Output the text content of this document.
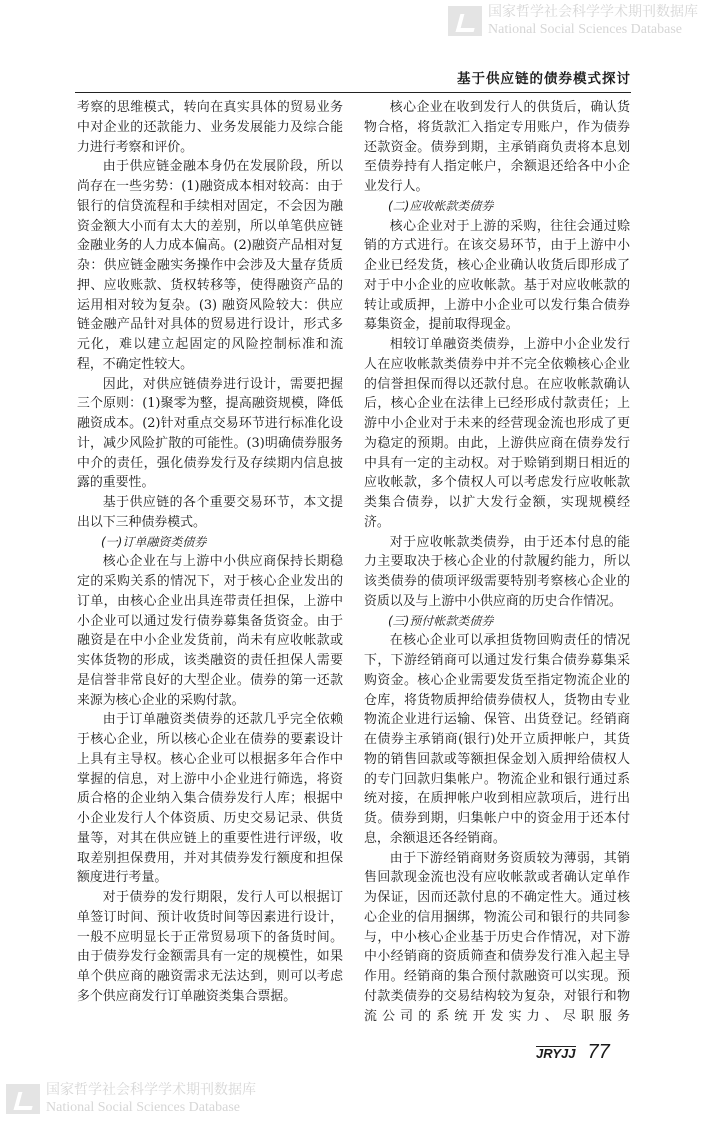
国家哲学社会科学学术期刊数据库
National Social Sciences Database
基于供应链的债券模式探讨

考察的思维模式，转向在真实具体的贸易业务中对企业的还款能力、业务发展能力及综合能力进行考察和评价。

由于供应链金融本身仍在发展阶段，所以尚存在一些劣势：(1)融资成本相对较高：由于银行的信贷流程和手续相对固定，不会因为融资金额大小而有太大的差别，所以单笔供应链金融业务的人力成本偏高。(2)融资产品相对复杂：供应链金融实务操作中会涉及大量存货质押、应收账款、货权转移等，使得融资产品的运用相对较为复杂。(3) 融资风险较大：供应链金融产品针对具体的贸易进行设计，形式多元化，难以建立起固定的风险控制标准和流程，不确定性较大。

因此，对供应链债券进行设计，需要把握三个原则：(1)聚零为整，提高融资规模，降低融资成本。(2)针对重点交易环节进行标准化设计，减少风险扩散的可能性。(3)明确债券服务中介的责任，强化债券发行及存续期内信息披露的重要性。

基于供应链的各个重要交易环节，本文提出以下三种债券模式。

(一)订单融资类债券

核心企业在与上游中小供应商保持长期稳定的采购关系的情况下，对于核心企业发出的订单，由核心企业出具连带责任担保，上游中小企业可以通过发行债券募集备货资金。由于融资是在中小企业发货前，尚未有应收帐款或实体货物的形成，该类融资的责任担保人需要是信誉非常良好的大型企业。债券的第一还款来源为核心企业的采购付款。

由于订单融资类债券的还款几乎完全依赖于核心企业，所以核心企业在债券的要素设计上具有主导权。核心企业可以根据多年合作中掌握的信息，对上游中小企业进行筛选，将资质合格的企业纳入集合债券发行人库；根据中小企业发行人个体资质、历史交易记录、供货量等，对其在供应链上的重要性进行评级，收取差别担保费用，并对其债券发行额度和担保额度进行考量。

对于债券的发行期限，发行人可以根据订单签订时间、预计收货时间等因素进行设计，一般不应明显长于正常贸易项下的备货时间。由于债券发行金额需具有一定的规模性，如果单个供应商的融资需求无法达到，则可以考虑多个供应商发行订单融资类集合票据。

核心企业在收到发行人的供货后，确认货物合格，将货款汇入指定专用账户，作为债券还款资金。债券到期，主承销商负责将本息划至债券持有人指定帐户，余额退还给各中小企业发行人。

(二)应收帐款类债券

核心企业对于上游的采购，往往会通过赊销的方式进行。在该交易环节，由于上游中小企业已经发货，核心企业确认收货后即形成了对于中小企业的应收帐款。基于对应收帐款的转让或质押，上游中小企业可以发行集合债券募集资金，提前取得现金。

相较订单融资类债券，上游中小企业发行人在应收帐款类债券中并不完全依赖核心企业的信誉担保而得以还款付息。在应收帐款确认后，核心企业在法律上已经形成付款责任；上游中小企业对于未来的经营现金流也形成了更为稳定的预期。由此，上游供应商在债券发行中具有一定的主动权。对于赊销到期日相近的应收帐款，多个债权人可以考虑发行应收帐款类集合债券，以扩大发行金额，实现规模经济。

对于应收帐款类债券，由于还本付息的能力主要取决于核心企业的付款履约能力，所以该类债券的债项评级需要特别考察核心企业的资质以及与上游中小供应商的历史合作情况。

(三)预付帐款类债券

在核心企业可以承担货物回购责任的情况下，下游经销商可以通过发行集合债券募集采购资金。核心企业需要发货至指定物流企业的仓库，将货物质押给债券债权人，货物由专业物流企业进行运输、保管、出货登记。经销商在债券主承销商(银行)处开立质押帐户，其货物的销售回款或等额担保金划入质押给债权人的专门回款归集帐户。物流企业和银行通过系统对接，在质押帐户收到相应款项后，进行出货。债券到期，归集帐户中的资金用于还本付息，余额退还各经销商。

由于下游经销商财务资质较为薄弱，其销售回款现金流也没有应收帐款或者确认定单作为保证，因而还款付息的不确定性大。通过核心企业的信用捆绑，物流公司和银行的共同参与，中小核心企业基于历史合作情况，对下游中小经销商的资质筛查和债券发行准入起主导作用。经销商的集合预付款融资可以实现。预付款类债券的交易结构较为复杂，对银行和物流公司的系统开发实力、尽职服务

JRYJJ 77
国家哲学社会科学学术期刊数据库
National Social Sciences Database
